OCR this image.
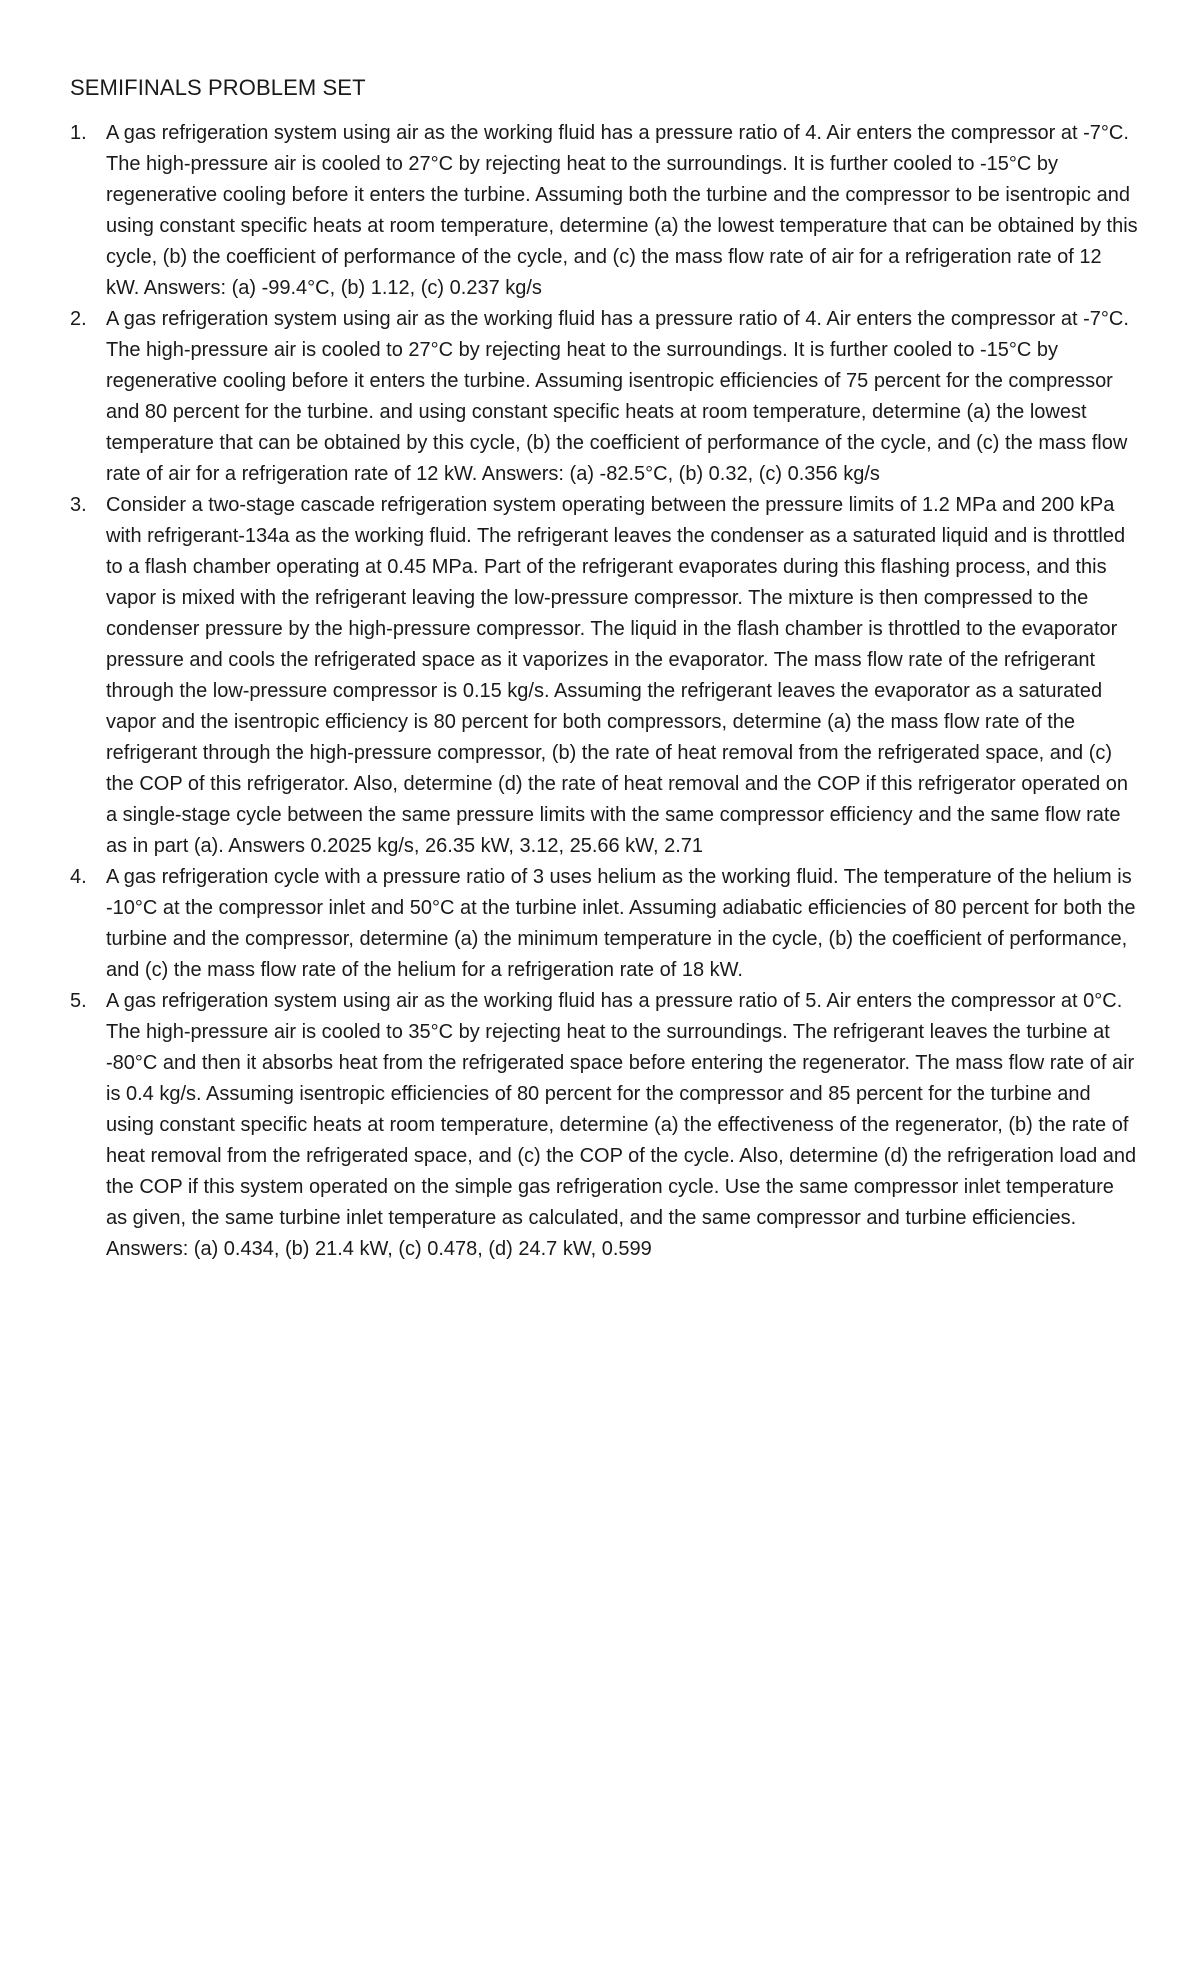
SEMIFINALS PROBLEM SET
1. A gas refrigeration system using air as the working fluid has a pressure ratio of 4. Air enters the compressor at -7°C. The high-pressure air is cooled to 27°C by rejecting heat to the surroundings. It is further cooled to -15°C by regenerative cooling before it enters the turbine. Assuming both the turbine and the compressor to be isentropic and using constant specific heats at room temperature, determine (a) the lowest temperature that can be obtained by this cycle, (b) the coefficient of performance of the cycle, and (c) the mass flow rate of air for a refrigeration rate of 12 kW. Answers: (a) -99.4°C, (b) 1.12, (c) 0.237 kg/s
2. A gas refrigeration system using air as the working fluid has a pressure ratio of 4. Air enters the compressor at -7°C. The high-pressure air is cooled to 27°C by rejecting heat to the surroundings. It is further cooled to -15°C by regenerative cooling before it enters the turbine. Assuming isentropic efficiencies of 75 percent for the compressor and 80 percent for the turbine. and using constant specific heats at room temperature, determine (a) the lowest temperature that can be obtained by this cycle, (b) the coefficient of performance of the cycle, and (c) the mass flow rate of air for a refrigeration rate of 12 kW. Answers: (a) -82.5°C, (b) 0.32, (c) 0.356 kg/s
3. Consider a two-stage cascade refrigeration system operating between the pressure limits of 1.2 MPa and 200 kPa with refrigerant-134a as the working fluid. The refrigerant leaves the condenser as a saturated liquid and is throttled to a flash chamber operating at 0.45 MPa. Part of the refrigerant evaporates during this flashing process, and this vapor is mixed with the refrigerant leaving the low-pressure compressor. The mixture is then compressed to the condenser pressure by the high-pressure compressor. The liquid in the flash chamber is throttled to the evaporator pressure and cools the refrigerated space as it vaporizes in the evaporator. The mass flow rate of the refrigerant through the low-pressure compressor is 0.15 kg/s. Assuming the refrigerant leaves the evaporator as a saturated vapor and the isentropic efficiency is 80 percent for both compressors, determine (a) the mass flow rate of the refrigerant through the high-pressure compressor, (b) the rate of heat removal from the refrigerated space, and (c) the COP of this refrigerator. Also, determine (d) the rate of heat removal and the COP if this refrigerator operated on a single-stage cycle between the same pressure limits with the same compressor efficiency and the same flow rate as in part (a). Answers 0.2025 kg/s, 26.35 kW, 3.12, 25.66 kW, 2.71
4. A gas refrigeration cycle with a pressure ratio of 3 uses helium as the working fluid. The temperature of the helium is -10°C at the compressor inlet and 50°C at the turbine inlet. Assuming adiabatic efficiencies of 80 percent for both the turbine and the compressor, determine (a) the minimum temperature in the cycle, (b) the coefficient of performance, and (c) the mass flow rate of the helium for a refrigeration rate of 18 kW.
5. A gas refrigeration system using air as the working fluid has a pressure ratio of 5. Air enters the compressor at 0°C. The high-pressure air is cooled to 35°C by rejecting heat to the surroundings. The refrigerant leaves the turbine at -80°C and then it absorbs heat from the refrigerated space before entering the regenerator. The mass flow rate of air is 0.4 kg/s. Assuming isentropic efficiencies of 80 percent for the compressor and 85 percent for the turbine and using constant specific heats at room temperature, determine (a) the effectiveness of the regenerator, (b) the rate of heat removal from the refrigerated space, and (c) the COP of the cycle. Also, determine (d) the refrigeration load and the COP if this system operated on the simple gas refrigeration cycle. Use the same compressor inlet temperature as given, the same turbine inlet temperature as calculated, and the same compressor and turbine efficiencies. Answers: (a) 0.434, (b) 21.4 kW, (c) 0.478, (d) 24.7 kW, 0.599
